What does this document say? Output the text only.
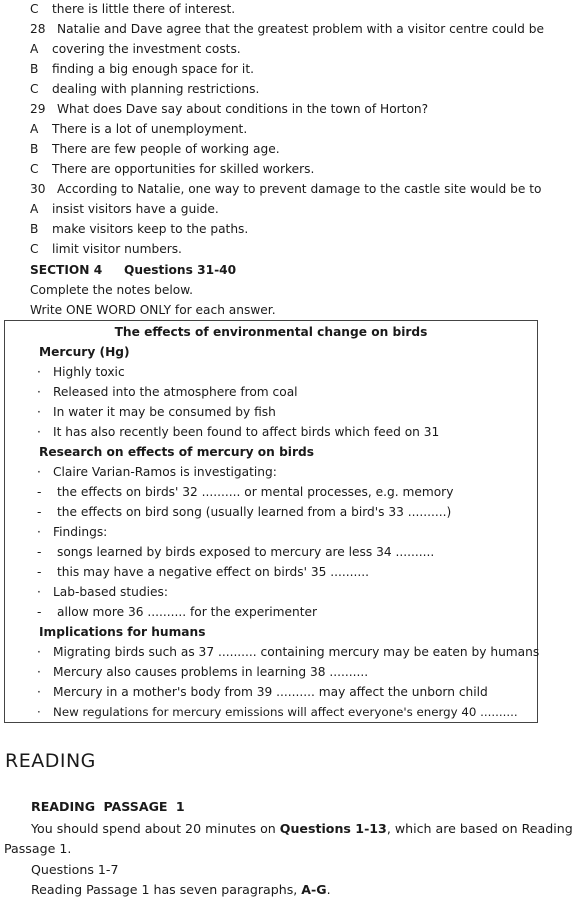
C there is little there of interest.
28 Natalie and Dave agree that the greatest problem with a visitor centre could be
A covering the investment costs.
B finding a big enough space for it.
C dealing with planning restrictions.
29 What does Dave say about conditions in the town of Horton?
A There is a lot of unemployment.
B There are few people of working age.
C There are opportunities for skilled workers.
30 According to Natalie, one way to prevent damage to the castle site would be to
A insist visitors have a guide.
B make visitors keep to the paths.
C limit visitor numbers.
SECTION 4 Questions 31-40
Complete the notes below.
Write ONE WORD ONLY for each answer.
The effects of environmental change on birds
Mercury (Hg)
· Highly toxic
· Released into the atmosphere from coal
· In water it may be consumed by fish
· It has also recently been found to affect birds which feed on 31
Research on effects of mercury on birds
· Claire Varian-Ramos is investigating:
- the effects on birds' 32 .......... or mental processes, e.g. memory
- the effects on bird song (usually learned from a bird's 33 ..........)
· Findings:
- songs learned by birds exposed to mercury are less 34 ..........
- this may have a negative effect on birds' 35 ..........
· Lab-based studies:
- allow more 36 .......... for the experimenter
Implications for humans
· Migrating birds such as 37 .......... containing mercury may be eaten by humans
· Mercury also causes problems in learning 38 ..........
· Mercury in a mother's body from 39 .......... may affect the unborn child
· New regulations for mercury emissions will affect everyone's energy 40 ..........
READING
READING PASSAGE 1
You should spend about 20 minutes on Questions 1-13, which are based on Reading
Passage 1.
Questions 1-7
Reading Passage 1 has seven paragraphs, A-G.
